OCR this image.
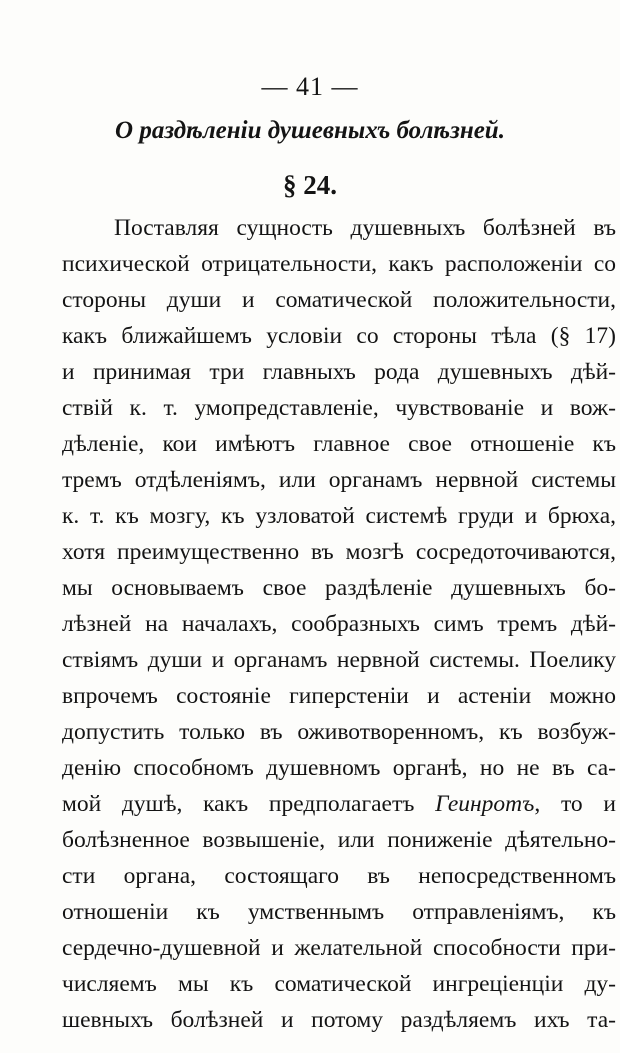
— 41 —
О раздѣленіи душевныхъ болѣзней.
§ 24.
Поставляя сущность душевныхъ болѣзней въ
психической отрицательности, какъ расположеніи со
стороны души и соматической положительности,
какъ ближайшемъ условіи со стороны тѣла (§ 17)
и принимая три главныхъ рода душевныхъ дѣй-
ствій к. т. умопредставленіе, чувствованіе и вож-
дѣленіе, кои имѣютъ главное свое отношеніе къ
тремъ отдѣленіямъ, или органамъ нервной системы
к. т. къ мозгу, къ узловатой системѣ груди и брюха,
хотя преимущественно въ мозгѣ сосредоточиваются,
мы основываемъ свое раздѣленіе душевныхъ бо-
лѣзней на началахъ, сообразныхъ симъ тремъ дѣй-
ствіямъ души и органамъ нервной системы. Поелику
впрочемъ состояніе гиперстеніи и астеніи можно
допустить только въ оживотворенномъ, къ возбуж-
денію способномъ душевномъ органѣ, но не въ са-
мой душѣ, какъ предполагаетъ Геинротъ, то и
болѣзненное возвышеніе, или пониженіе дѣятельно-
сти органа, состоящаго въ непосредственномъ
отношеніи къ умственнымъ отправленіямъ, къ
сердечно-душевной и желательной способности при-
числяемъ мы къ соматической ингреціенціи ду-
шевныхъ болѣзней и потому раздѣляемъ ихъ та-
